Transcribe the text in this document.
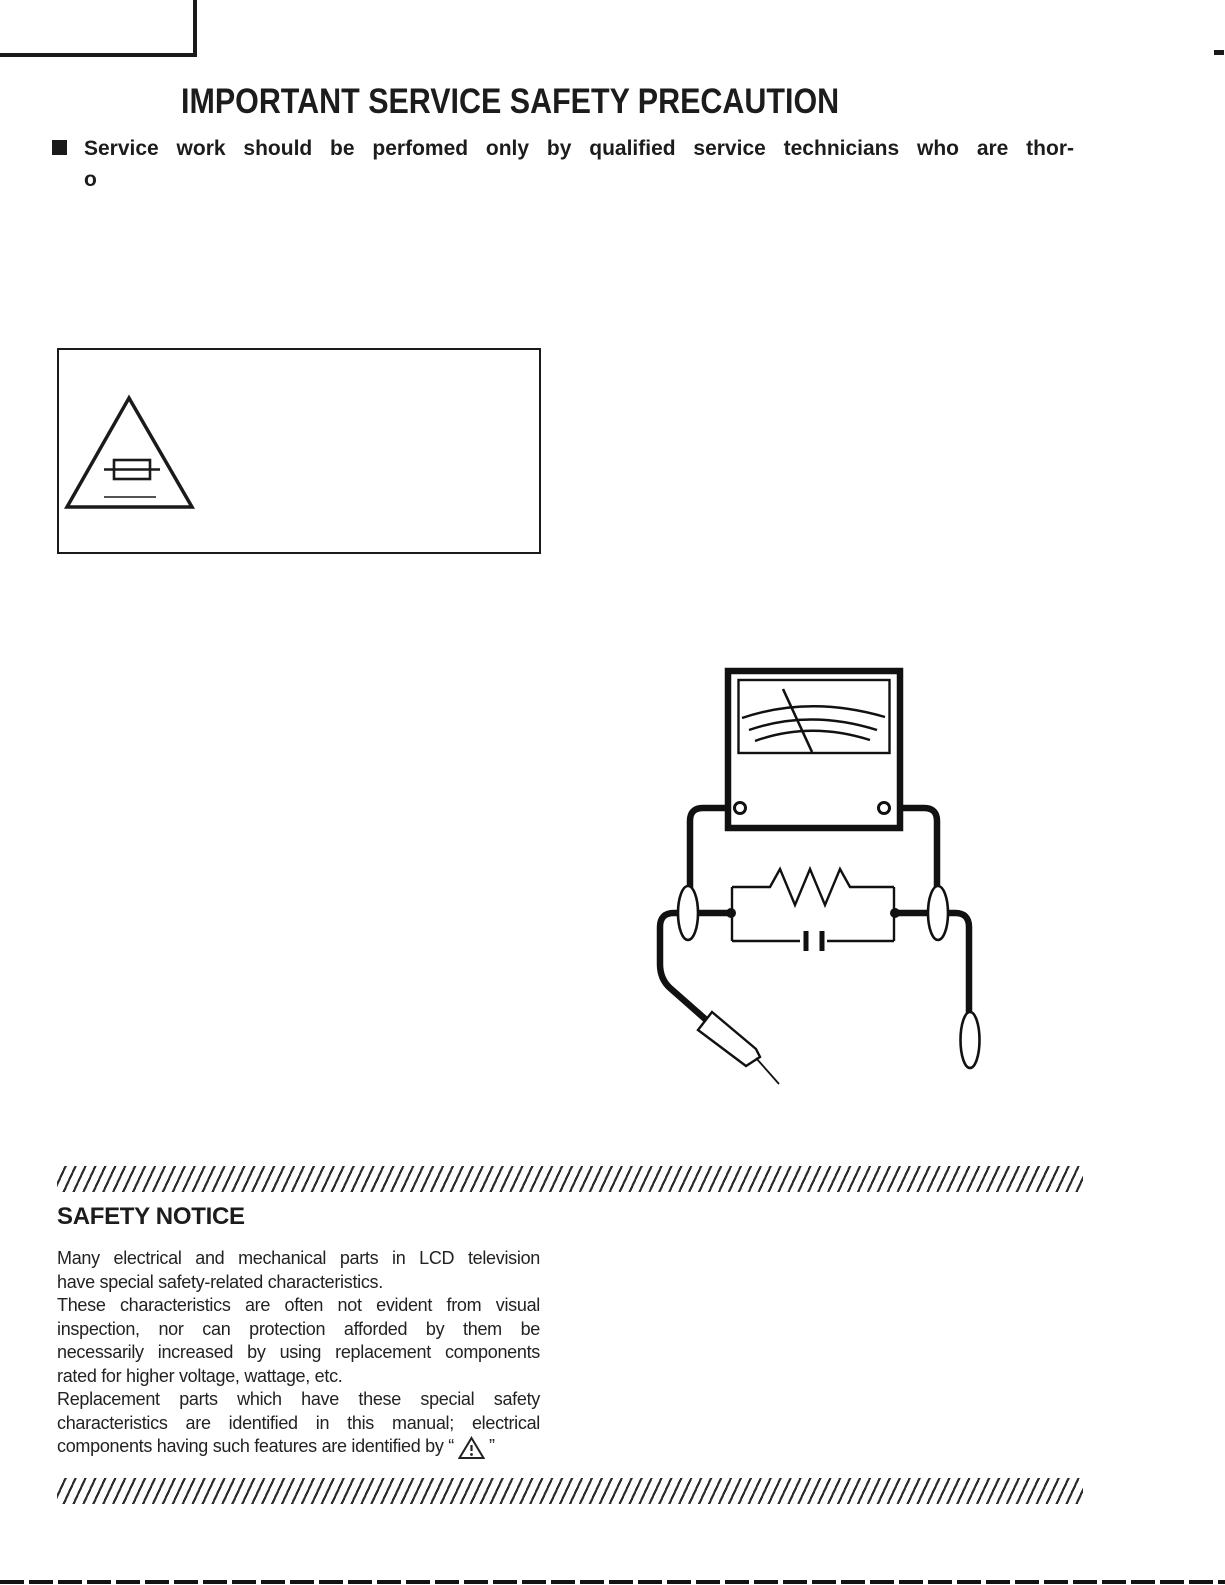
IMPORTANT SERVICE SAFETY PRECAUTION
Service work should be perfomed only by qualified service technicians who are thor-
o
SAFETY NOTICE
Many electrical and mechanical parts in LCD television
have special safety-related characteristics.
These characteristics are often not evident from visual
inspection, nor can protection afforded by them be
necessarily increased by using replacement components
rated for higher voltage, wattage, etc.
Replacement parts which have these special safety
characteristics are identified in this manual; electrical
components having such features are identified by “ ”
